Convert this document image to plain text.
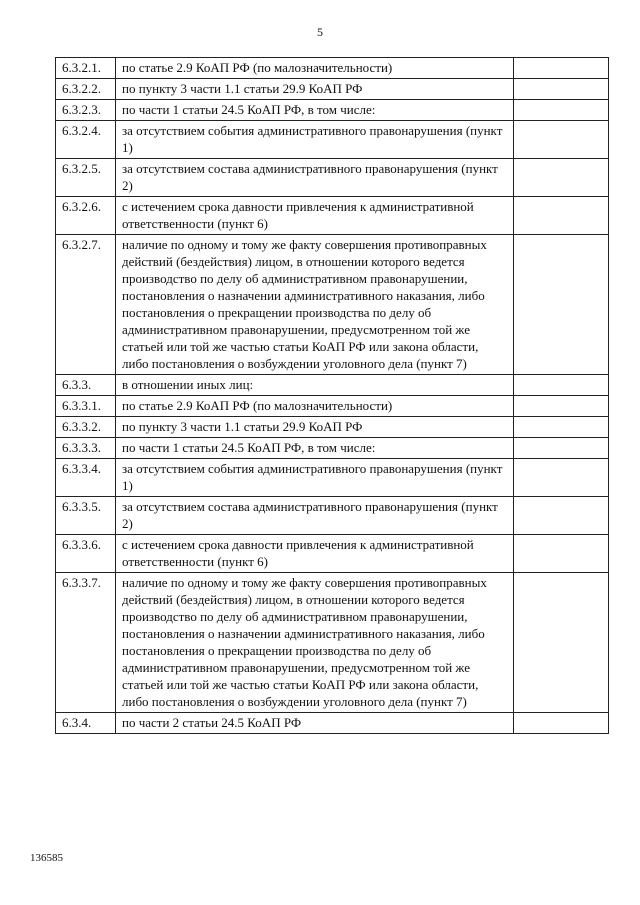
5
6.3.2.1.	по статье 2.9 КоАП РФ (по малозначительности)	
6.3.2.2.	по пункту 3 части 1.1 статьи 29.9 КоАП РФ	
6.3.2.3.	по части 1 статьи 24.5 КоАП РФ, в том числе:	
6.3.2.4.	за отсутствием события административного правонарушения (пункт 1)	
6.3.2.5.	за отсутствием состава административного правонарушения (пункт 2)	
6.3.2.6.	с истечением срока давности привлечения к административной ответственности (пункт 6)	
6.3.2.7.	наличие по одному и тому же факту совершения противоправных действий (бездействия) лицом, в отношении которого ведется производство по делу об административном правонарушении, постановления о назначении административного наказания, либо постановления о прекращении производства по делу об административном правонарушении, предусмотренном той же статьей или той же частью статьи КоАП РФ или закона области, либо постановления о возбуждении уголовного дела (пункт 7)	
6.3.3.	в отношении иных лиц:	
6.3.3.1.	по статье 2.9 КоАП РФ (по малозначительности)	
6.3.3.2.	по пункту 3 части 1.1 статьи 29.9 КоАП РФ	
6.3.3.3.	по части 1 статьи 24.5 КоАП РФ, в том числе:	
6.3.3.4.	за отсутствием события административного правонарушения (пункт 1)	
6.3.3.5.	за отсутствием состава административного правонарушения (пункт 2)	
6.3.3.6.	с истечением срока давности привлечения к административной ответственности (пункт 6)	
6.3.3.7.	наличие по одному и тому же факту совершения противоправных действий (бездействия) лицом, в отношении которого ведется производство по делу об административном правонарушении, постановления о назначении административного наказания, либо постановления о прекращении производства по делу об административном правонарушении, предусмотренном той же статьей или той же частью статьи КоАП РФ или закона области, либо постановления о возбуждении уголовного дела (пункт 7)	
6.3.4.	по части 2 статьи 24.5 КоАП РФ	
136585
